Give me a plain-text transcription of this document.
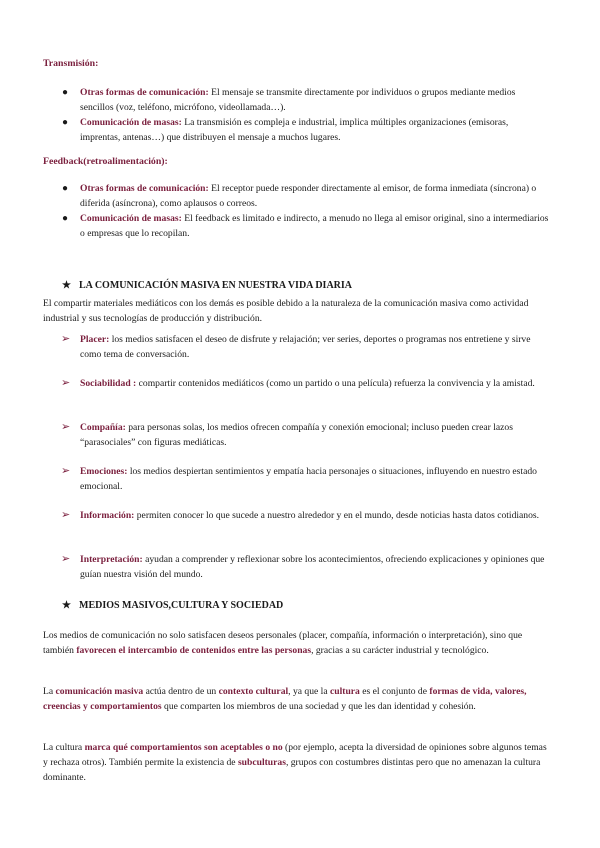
Transmisión:
● Otras formas de comunicación: El mensaje se transmite directamente por individuos o grupos mediante medios sencillos (voz, teléfono, micrófono, videollamada…).
● Comunicación de masas: La transmisión es compleja e industrial, implica múltiples organizaciones (emisoras, imprentas, antenas…) que distribuyen el mensaje a muchos lugares.
Feedback(retroalimentación):
● Otras formas de comunicación: El receptor puede responder directamente al emisor, de forma inmediata (síncrona) o diferida (asíncrona), como aplausos o correos.
● Comunicación de masas: El feedback es limitado e indirecto, a menudo no llega al emisor original, sino a intermediarios o empresas que lo recopilan.
★ LA COMUNICACIÓN MASIVA EN NUESTRA VIDA DIARIA
El compartir materiales mediáticos con los demás es posible debido a la naturaleza de la comunicación masiva como actividad industrial y sus tecnologías de producción y distribución.
➢ Placer: los medios satisfacen el deseo de disfrute y relajación; ver series, deportes o programas nos entretiene y sirve como tema de conversación.
➢ Sociabilidad : compartir contenidos mediáticos (como un partido o una película) refuerza la convivencia y la amistad.
➢ Compañía: para personas solas, los medios ofrecen compañía y conexión emocional; incluso pueden crear lazos “parasociales” con figuras mediáticas.
➢ Emociones: los medios despiertan sentimientos y empatía hacia personajes o situaciones, influyendo en nuestro estado emocional.
➢ Información: permiten conocer lo que sucede a nuestro alrededor y en el mundo, desde noticias hasta datos cotidianos.
➢ Interpretación: ayudan a comprender y reflexionar sobre los acontecimientos, ofreciendo explicaciones y opiniones que guían nuestra visión del mundo.
★ MEDIOS MASIVOS,CULTURA Y SOCIEDAD
Los medios de comunicación no solo satisfacen deseos personales (placer, compañía, información o interpretación), sino que también favorecen el intercambio de contenidos entre las personas, gracias a su carácter industrial y tecnológico.
La comunicación masiva actúa dentro de un contexto cultural, ya que la cultura es el conjunto de formas de vida, valores, creencias y comportamientos que comparten los miembros de una sociedad y que les dan identidad y cohesión.
La cultura marca qué comportamientos son aceptables o no (por ejemplo, acepta la diversidad de opiniones sobre algunos temas y rechaza otros). También permite la existencia de subculturas, grupos con costumbres distintas pero que no amenazan la cultura dominante.
